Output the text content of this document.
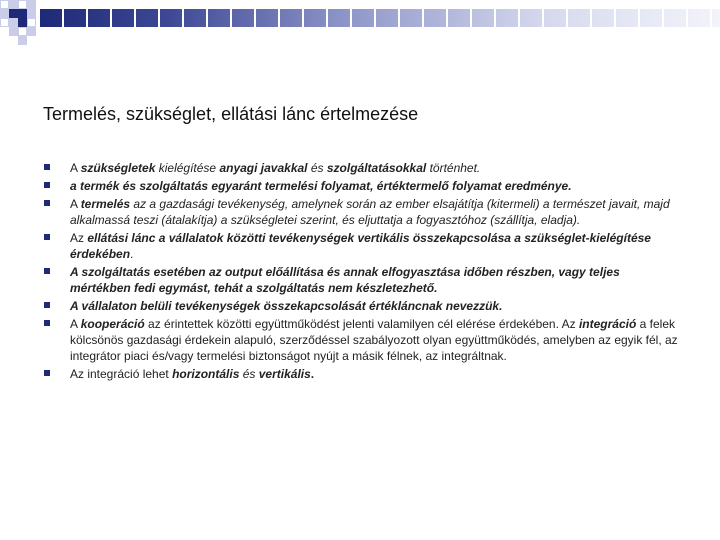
Termelés, szükséglet, ellátási lánc értelmezése
A szükségletek kielégítése anyagi javakkal és szolgáltatásokkal történhet.
a termék és szolgáltatás egyaránt termelési folyamat, értéktermelő folyamat eredménye.
A termelés az a gazdasági tevékenység, amelynek során az ember elsajátítja (kitermeli) a természet javait, majd alkalmassá teszi (átalakítja) a szükségletei szerint, és eljuttatja a fogyasztóhoz (szállítja, eladja).
Az ellátási lánc a vállalatok közötti tevékenységek vertikális összekapcsolása a szükséglet-kielégítése érdekében.
A szolgáltatás esetében az output előállítása és annak elfogyasztása időben részben, vagy teljes mértékben fedi egymást, tehát a szolgáltatás nem készletezhető.
A vállalaton belüli tevékenységek összekapcsolását értékláncnak nevezzük.
A kooperáció az érintettek közötti együttműködést jelenti valamilyen cél elérése érdekében. Az integráció a felek kölcsönös gazdasági érdekein alapuló, szerződéssel szabályozott olyan együttműködés, amelyben az egyik fél, az integrátor piaci és/vagy termelési biztonságot nyújt a másik félnek, az integráltnak.
Az integráció lehet horizontális és vertikális.
